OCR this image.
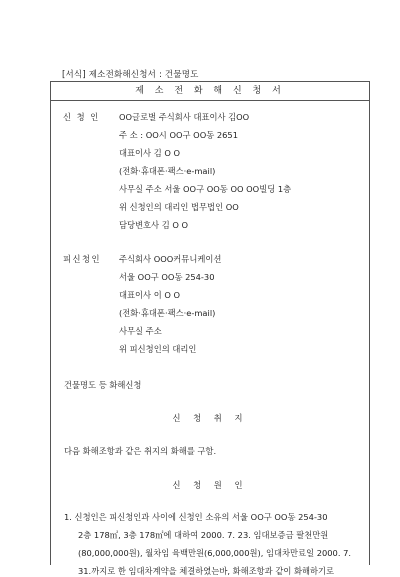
[서식] 제소전화해신청서 : 건물명도
제 소 전 화 해 신 청 서
신 청 인 OO글로벌 주식회사 대표이사 김OO
주 소 : OO시 OO구 OO동 2651
대표이사 김 O O
(전화·휴대폰·팩스·e-mail)
사무실 주소 서울 OO구 OO동 OO OO빌딩 1층
위 신청인의 대리인 법무법인 OO
담당변호사 김 O O
피신청인 주식회사 OOO커뮤니케이션
서울 OO구 OO동 254-30
대표이사 이 O O
(전화·휴대폰·팩스·e-mail)
사무실 주소
위 피신청인의 대리인
건물명도 등 화해신청
신 청 취 지
다음 화해조항과 같은 취지의 화해를 구함.
신 청 원 인
1. 신청인은 피신청인과 사이에 신청인 소유의 서울 OO구 OO동 254-30
2층 178㎡, 3층 178㎡에 대하여 2000. 7. 23. 임대보증금 팔천만원
(80,000,000원), 월차임 육백만원(6,000,000원), 임대차만료일 2000. 7.
31.까지로 한 임대차계약을 체결하였는바, 화해조항과 같이 화해하기로
